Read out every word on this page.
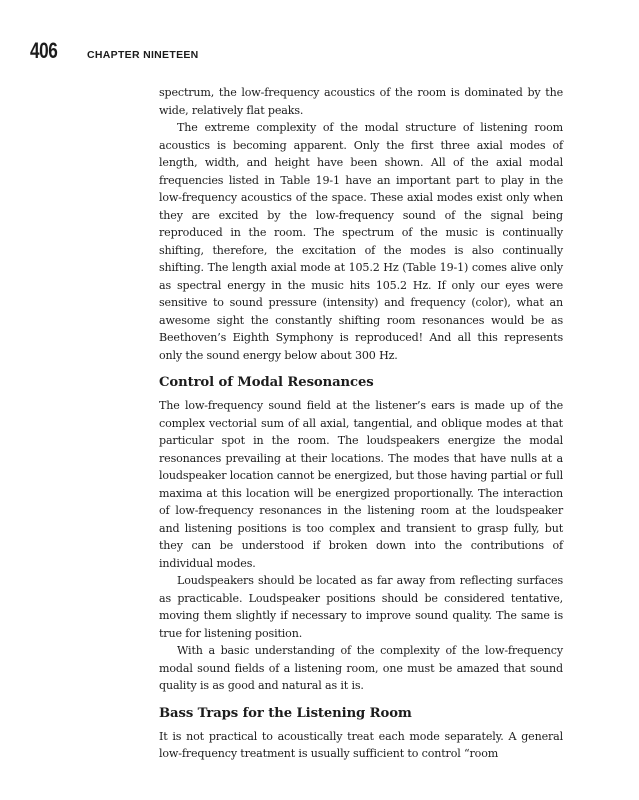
406	CHAPTER NINETEEN

spectrum, the low-frequency acoustics of the room is dominated by the wide, relatively flat peaks.

The extreme complexity of the modal structure of listening room acoustics is becoming apparent. Only the first three axial modes of length, width, and height have been shown. All of the axial modal frequencies listed in Table 19-1 have an important part to play in the low-frequency acoustics of the space. These axial modes exist only when they are excited by the low-frequency sound of the signal being reproduced in the room. The spectrum of the music is continually shifting, therefore, the excitation of the modes is also continually shifting. The length axial mode at 105.2 Hz (Table 19-1) comes alive only as spectral energy in the music hits 105.2 Hz. If only our eyes were sensitive to sound pressure (intensity) and frequency (color), what an awesome sight the constantly shifting room resonances would be as Beethoven’s Eighth Symphony is reproduced! And all this represents only the sound energy below about 300 Hz.

Control of Modal Resonances

The low-frequency sound field at the listener’s ears is made up of the complex vectorial sum of all axial, tangential, and oblique modes at that particular spot in the room. The loudspeakers energize the modal resonances prevailing at their locations. The modes that have nulls at a loudspeaker location cannot be energized, but those having partial or full maxima at this location will be energized proportionally. The interaction of low-frequency resonances in the listening room at the loudspeaker and listening positions is too complex and transient to grasp fully, but they can be understood if broken down into the contributions of individual modes.

Loudspeakers should be located as far away from reflecting surfaces as practicable. Loudspeaker positions should be considered tentative, moving them slightly if necessary to improve sound quality. The same is true for listening position.

With a basic understanding of the complexity of the low-frequency modal sound fields of a listening room, one must be amazed that sound quality is as good and natural as it is.

Bass Traps for the Listening Room

It is not practical to acoustically treat each mode separately. A general low-frequency treatment is usually sufficient to control “room
